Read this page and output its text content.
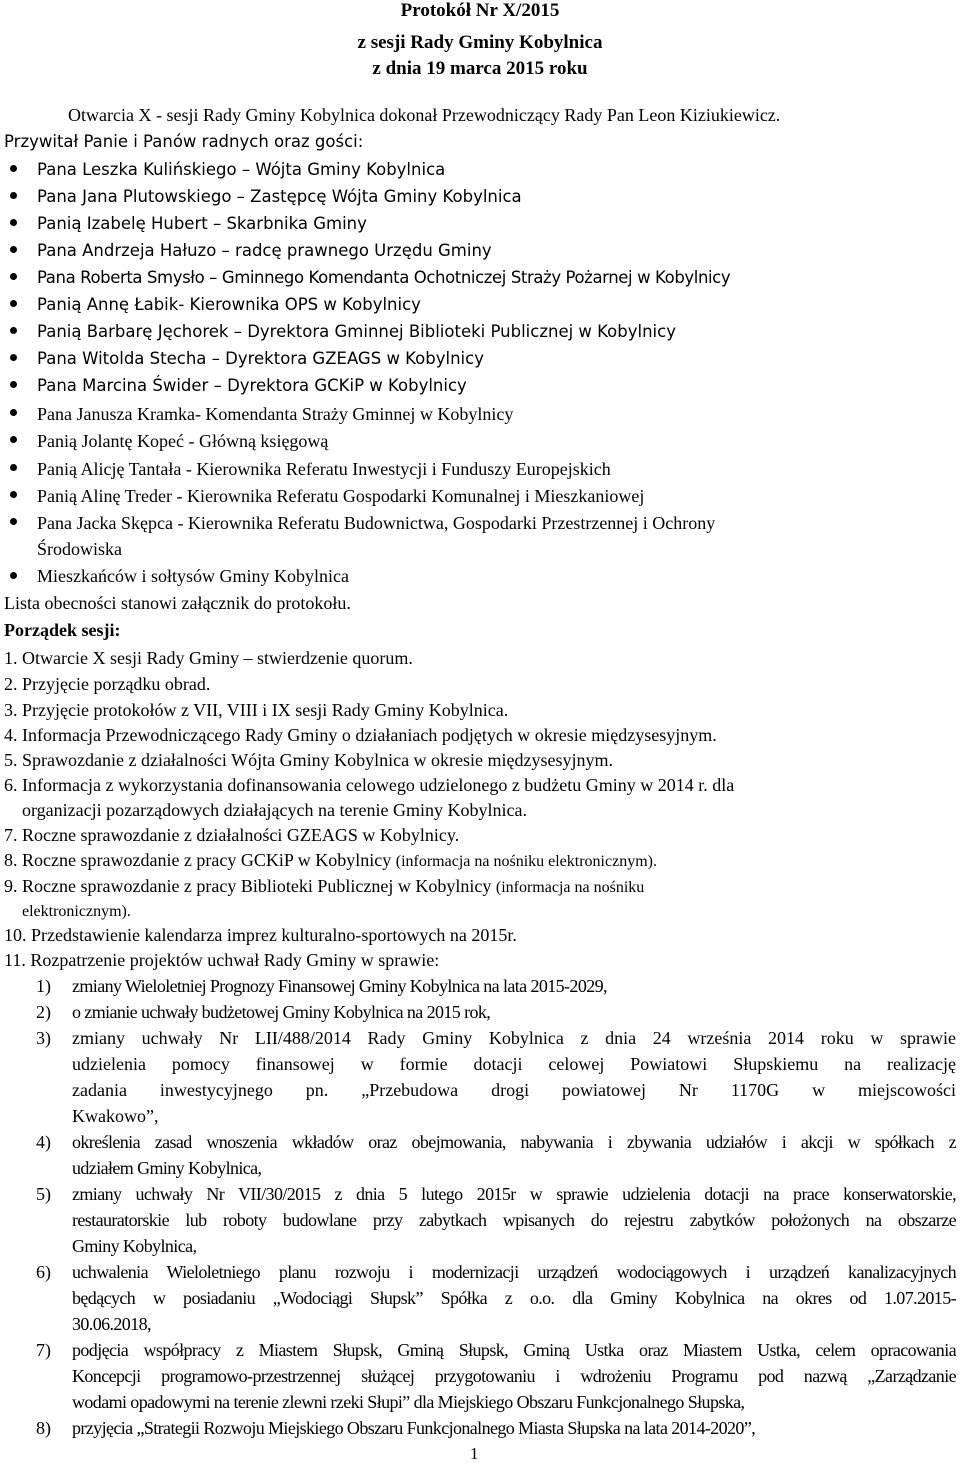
Protokół Nr X/2015
z sesji Rady Gminy Kobylnica
z dnia 19 marca 2015 roku
Otwarcia X - sesji Rady Gminy Kobylnica dokonał Przewodniczący Rady Pan Leon Kiziukiewicz.
Przywitał Panie i Panów radnych oraz gości:
Pana Leszka Kulińskiego – Wójta Gminy Kobylnica
Pana Jana Plutowskiego – Zastępcę Wójta Gminy Kobylnica
Panią Izabelę Hubert – Skarbnika Gminy
Pana Andrzeja Hałuzo – radcę prawnego Urzędu Gminy
Pana Roberta Smysło – Gminnego Komendanta Ochotniczej Straży Pożarnej w Kobylnicy
Panią Annę Łabik- Kierownika OPS w Kobylnicy
Panią Barbarę Jęchorek – Dyrektora Gminnej Biblioteki Publicznej w Kobylnicy
Pana Witolda Stecha – Dyrektora GZEAGS w Kobylnicy
Pana Marcina Świder – Dyrektora GCKiP w Kobylnicy
Pana Janusza Kramka- Komendanta Straży Gminnej w Kobylnicy
Panią Jolantę Kopeć - Główną księgową
Panią Alicję Tantała - Kierownika Referatu Inwestycji i Funduszy Europejskich
Panią Alinę Treder - Kierownika Referatu Gospodarki Komunalnej i Mieszkaniowej
Pana Jacka Skępca - Kierownika Referatu Budownictwa, Gospodarki Przestrzennej i Ochrony
Środowiska
Mieszkańców i sołtysów Gminy Kobylnica
Lista obecności stanowi załącznik do protokołu.
Porządek sesji:
1. Otwarcie X sesji Rady Gminy – stwierdzenie quorum.
2. Przyjęcie porządku obrad.
3. Przyjęcie protokołów z VII, VIII i IX sesji Rady Gminy Kobylnica.
4. Informacja Przewodniczącego Rady Gminy o działaniach podjętych w okresie międzysesyjnym.
5. Sprawozdanie z działalności Wójta Gminy Kobylnica w okresie międzysesyjnym.
6. Informacja z wykorzystania dofinansowania celowego udzielonego z budżetu Gminy w 2014 r. dla
organizacji pozarządowych działających na terenie Gminy Kobylnica.
7. Roczne sprawozdanie z działalności GZEAGS w Kobylnicy.
8. Roczne sprawozdanie z pracy GCKiP w Kobylnicy (informacja na nośniku elektronicznym).
9. Roczne sprawozdanie z pracy Biblioteki Publicznej w Kobylnicy (informacja na nośniku
elektronicznym).
10. Przedstawienie kalendarza imprez kulturalno-sportowych na 2015r.
11. Rozpatrzenie projektów uchwał Rady Gminy w sprawie:
1) zmiany Wieloletniej Prognozy Finansowej Gminy Kobylnica na lata 2015-2029,
2) o zmianie uchwały budżetowej Gminy Kobylnica na 2015 rok,
3) zmiany uchwały Nr LII/488/2014 Rady Gminy Kobylnica z dnia 24 września 2014 roku w sprawie
udzielenia pomocy finansowej w formie dotacji celowej Powiatowi Słupskiemu na realizację
zadania inwestycyjnego pn. „Przebudowa drogi powiatowej Nr 1170G w miejscowości
Kwakowo”,
4) określenia zasad wnoszenia wkładów oraz obejmowania, nabywania i zbywania udziałów i akcji w spółkach z
udziałem Gminy Kobylnica,
5) zmiany uchwały Nr VII/30/2015 z dnia 5 lutego 2015r w sprawie udzielenia dotacji na prace konserwatorskie,
restauratorskie lub roboty budowlane przy zabytkach wpisanych do rejestru zabytków położonych na obszarze
Gminy Kobylnica,
6) uchwalenia Wieloletniego planu rozwoju i modernizacji urządzeń wodociągowych i urządzeń kanalizacyjnych
będących w posiadaniu „Wodociągi Słupsk” Spółka z o.o. dla Gminy Kobylnica na okres od 1.07.2015-
30.06.2018,
7) podjęcia współpracy z Miastem Słupsk, Gminą Słupsk, Gminą Ustka oraz Miastem Ustka, celem opracowania
Koncepcji programowo-przestrzennej służącej przygotowaniu i wdrożeniu Programu pod nazwą „Zarządzanie
wodami opadowymi na terenie zlewni rzeki Słupi” dla Miejskiego Obszaru Funkcjonalnego Słupska,
8) przyjęcia „Strategii Rozwoju Miejskiego Obszaru Funkcjonalnego Miasta Słupska na lata 2014-2020”,
1
